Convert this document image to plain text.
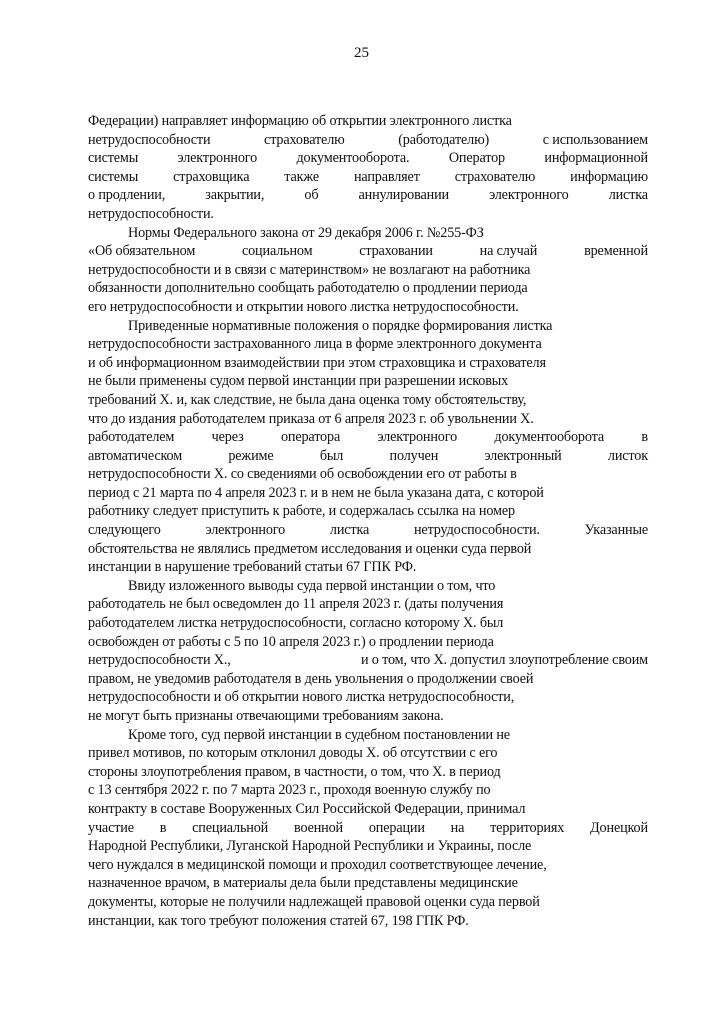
25
Федерации) направляет информацию об открытии электронного листка
нетрудоспособности	страхователю	(работодателю)	с использованием
системы	электронного	документооборота.	Оператор	информационной
системы страховщика также направляет страхователю информацию
о продлении,	закрытии,	об	аннулировании	электронного	листка
нетрудоспособности.
Нормы Федерального закона от 29 декабря 2006 г. №255-ФЗ
«Об обязательном	социальном	страховании	на случай	временной
нетрудоспособности и в связи с материнством» не возлагают на работника
обязанности дополнительно сообщать работодателю о продлении периода
его нетрудоспособности и открытии нового листка нетрудоспособности.
Приведенные нормативные положения о порядке формирования листка
нетрудоспособности застрахованного лица в форме электронного документа
и об информационном взаимодействии при этом страховщика и страхователя
не были применены судом первой инстанции при разрешении исковых
требований Х. и, как следствие, не была дана оценка тому обстоятельству,
что до издания работодателем приказа от 6 апреля 2023 г. об увольнении Х.
работодателем	через	оператора	электронного	документооборота	в
автоматическом	режиме	был	получен	электронный	листок
нетрудоспособности Х. со сведениями об освобождении его от работы в
период с 21 марта по 4 апреля 2023 г. и в нем не была указана дата, с которой
работнику следует приступить к работе, и содержалась ссылка на номер
следующего	электронного	листка	нетрудоспособности.	Указанные
обстоятельства не являлись предметом исследования и оценки суда первой
инстанции в нарушение требований статьи 67 ГПК РФ.
Ввиду изложенного выводы суда первой инстанции о том, что
работодатель не был осведомлен до 11 апреля 2023 г. (даты получения
работодателем листка нетрудоспособности, согласно которому Х. был
освобожден от работы с 5 по 10 апреля 2023 г.) о продлении периода
нетрудоспособности Х.,	и о том, что Х. допустил злоупотребление своим
правом, не уведомив работодателя в день увольнения о продолжении своей
нетрудоспособности и об открытии нового листка нетрудоспособности,
не могут быть признаны отвечающими требованиям закона.
Кроме того, суд первой инстанции в судебном постановлении не
привел мотивов, по которым отклонил доводы Х. об отсутствии с его
стороны злоупотребления правом, в частности, о том, что Х. в период
с 13 сентября 2022 г. по 7 марта 2023 г., проходя военную службу по
контракту в составе Вооруженных Сил Российской Федерации, принимал
участие в специальной военной операции на территориях Донецкой
Народной Республики, Луганской Народной Республики и Украины, после
чего нуждался в медицинской помощи и проходил соответствующее лечение,
назначенное врачом, в материалы дела были представлены медицинские
документы, которые не получили надлежащей правовой оценки суда первой
инстанции, как того требуют положения статей 67, 198 ГПК РФ.
